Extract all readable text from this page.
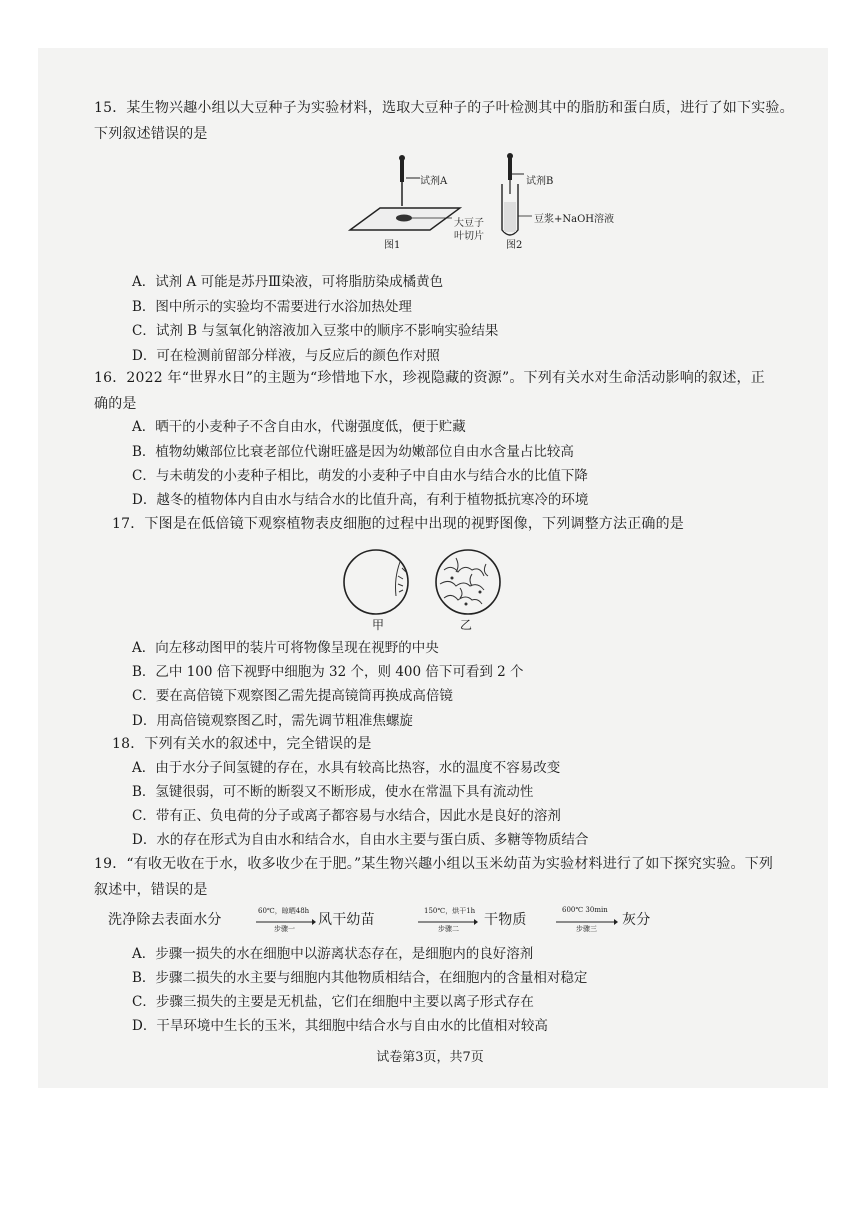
15．某生物兴趣小组以大豆种子为实验材料，选取大豆种子的子叶检测其中的脂肪和蛋白质，进行了如下实验。
下列叙述错误的是
试剂A
大豆子
叶切片
图1
试剂B
豆浆+NaOH溶液
图2
A．试剂 A 可能是苏丹Ⅲ染液，可将脂肪染成橘黄色
B．图中所示的实验均不需要进行水浴加热处理
C．试剂 B 与氢氧化钠溶液加入豆浆中的顺序不影响实验结果
D．可在检测前留部分样液，与反应后的颜色作对照
16．2022 年“世界水日”的主题为“珍惜地下水，珍视隐藏的资源”。下列有关水对生命活动影响的叙述，正
确的是
A．晒干的小麦种子不含自由水，代谢强度低，便于贮藏
B．植物幼嫩部位比衰老部位代谢旺盛是因为幼嫩部位自由水含量占比较高
C．与未萌发的小麦种子相比，萌发的小麦种子中自由水与结合水的比值下降
D．越冬的植物体内自由水与结合水的比值升高，有利于植物抵抗寒冷的环境
17．下图是在低倍镜下观察植物表皮细胞的过程中出现的视野图像，下列调整方法正确的是
甲	乙
A．向左移动图甲的装片可将物像呈现在视野的中央
B．乙中 100 倍下视野中细胞为 32 个，则 400 倍下可看到 2 个
C．要在高倍镜下观察图乙需先提高镜筒再换成高倍镜
D．用高倍镜观察图乙时，需先调节粗准焦螺旋
18．下列有关水的叙述中，完全错误的是
A．由于水分子间氢键的存在，水具有较高比热容，水的温度不容易改变
B．氢键很弱，可不断的断裂又不断形成，使水在常温下具有流动性
C．带有正、负电荷的分子或离子都容易与水结合，因此水是良好的溶剂
D．水的存在形式为自由水和结合水，自由水主要与蛋白质、多糖等物质结合
19．“有收无收在于水，收多收少在于肥。”某生物兴趣小组以玉米幼苗为实验材料进行了如下探究实验。下列
叙述中，错误的是
洗净除去表面水分
60℃，晾晒48h
步骤一
风干幼苗
150℃，烘干1h
步骤二
干物质
600℃ 30min
步骤三
灰分
A．步骤一损失的水在细胞中以游离状态存在，是细胞内的良好溶剂
B．步骤二损失的水主要与细胞内其他物质相结合，在细胞内的含量相对稳定
C．步骤三损失的主要是无机盐，它们在细胞中主要以离子形式存在
D．干旱环境中生长的玉米，其细胞中结合水与自由水的比值相对较高
试卷第3页，共7页
